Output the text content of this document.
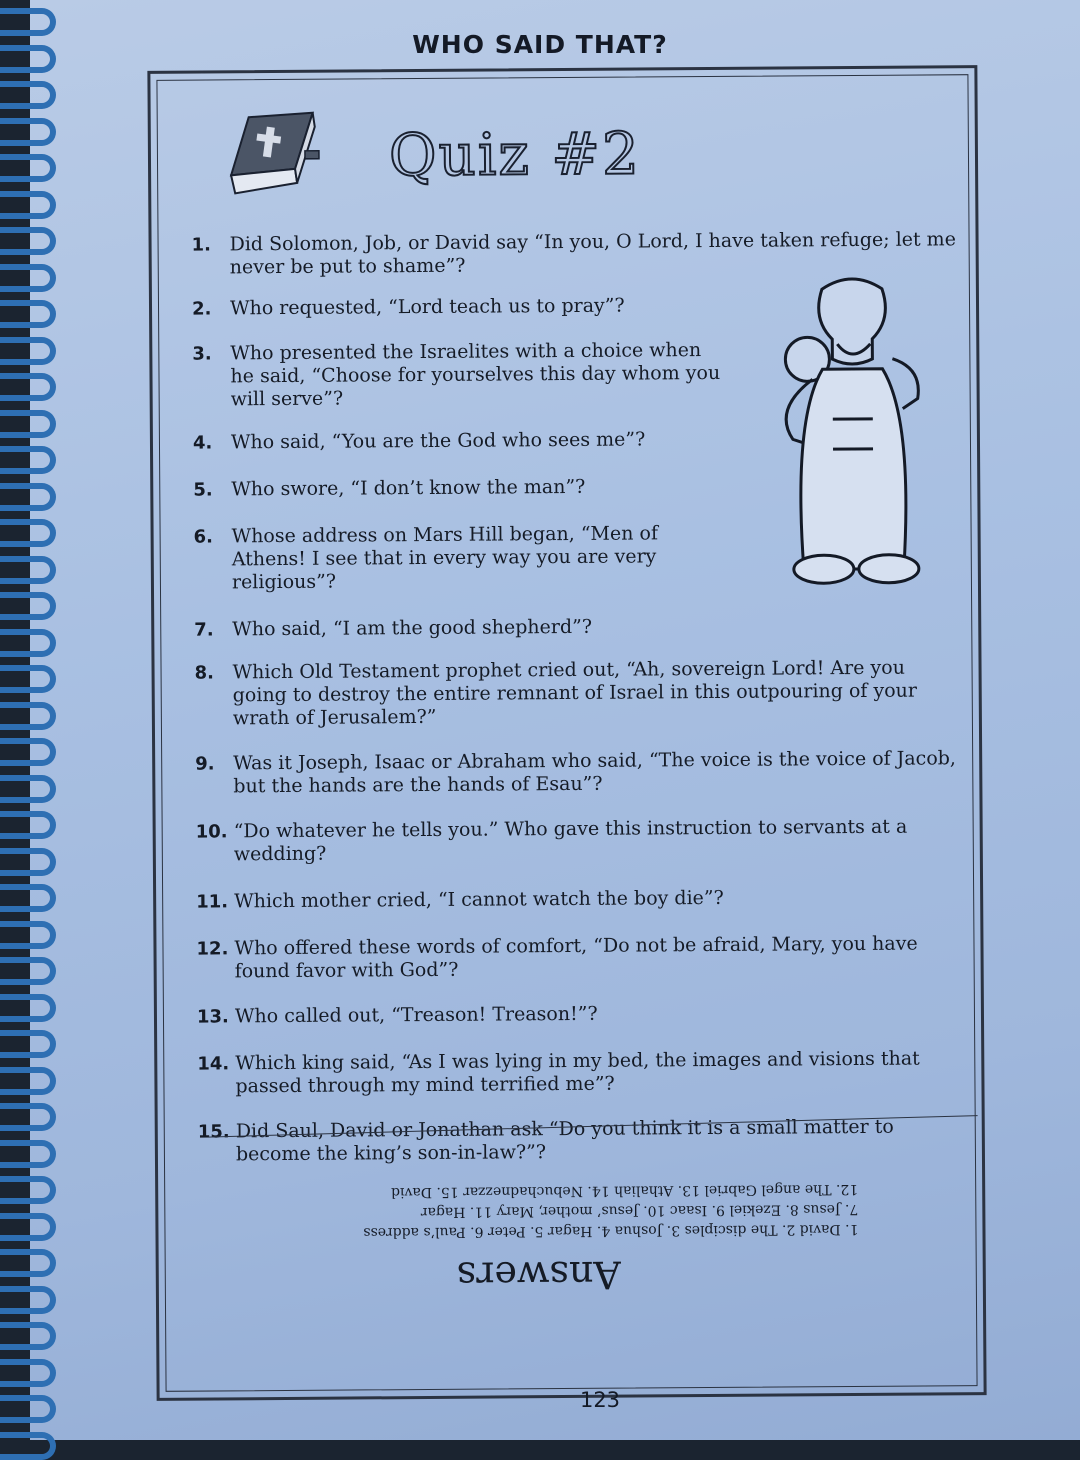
WHO SAID THAT?
Quiz #2
1. Did Solomon, Job, or David say “In you, O Lord, I have taken refuge; let me never be put to shame”?
2. Who requested, “Lord teach us to pray”?
3. Who presented the Israelites with a choice when he said, “Choose for yourselves this day whom you will serve”?
4. Who said, “You are the God who sees me”?
5. Who swore, “I don’t know the man”?
6. Whose address on Mars Hill began, “Men of Athens! I see that in every way you are very religious”?
7. Who said, “I am the good shepherd”?
8. Which Old Testament prophet cried out, “Ah, sovereign Lord! Are you going to destroy the entire remnant of Israel in this outpouring of your wrath of Jerusalem?”
9. Was it Joseph, Isaac or Abraham who said, “The voice is the voice of Jacob, but the hands are the hands of Esau”?
10. “Do whatever he tells you.” Who gave this instruction to servants at a wedding?
11. Which mother cried, “I cannot watch the boy die”?
12. Who offered these words of comfort, “Do not be afraid, Mary, you have found favor with God”?
13. Who called out, “Treason! Treason!”?
14. Which king said, “As I was lying in my bed, the images and visions that passed through my mind terrified me”?
15. Did Saul, David or Jonathan ask “Do you think it is a small matter to become the king’s son-in-law?”?
Answers
1. David 2. The disciples 3. Joshua 4. Hagar 5. Peter 6. Paul’s address
7. Jesus 8. Ezekiel 9. Isaac 10. Jesus’ mother, Mary 11. Hagar
12. The angel Gabriel 13. Athaliah 14. Nebuchadnezzar 15. David
123
